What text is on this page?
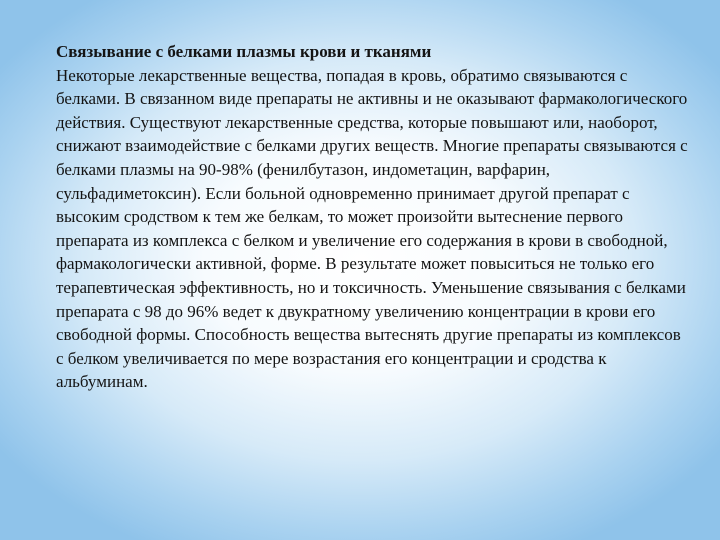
Связывание с белками плазмы крови и тканями

Некоторые лекарственные вещества, попадая в кровь, обратимо связываются с белками. В связанном виде препараты не активны и не оказывают фармакологического действия. Существуют лекарственные средства, которые повышают или, наоборот, снижают взаимодействие с белками других веществ. Многие препараты связываются с белками плазмы на 90-98% (фенилбутазон, индометацин, варфарин, сульфадиметоксин). Если больной одновременно принимает другой препарат с высоким сродством к тем же белкам, то может произойти вытеснение первого препарата из комплекса с белком и увеличение его содержания в крови в свободной, фармакологически активной, форме. В результате может повыситься не только его терапевтическая эффективность, но и токсичность. Уменьшение связывания с белками препарата с 98 до 96% ведет к двукратному увеличению концентрации в крови его свободной формы. Способность вещества вытеснять другие препараты из комплексов с белком увеличивается по мере возрастания его концентрации и сродства к альбуминам.
